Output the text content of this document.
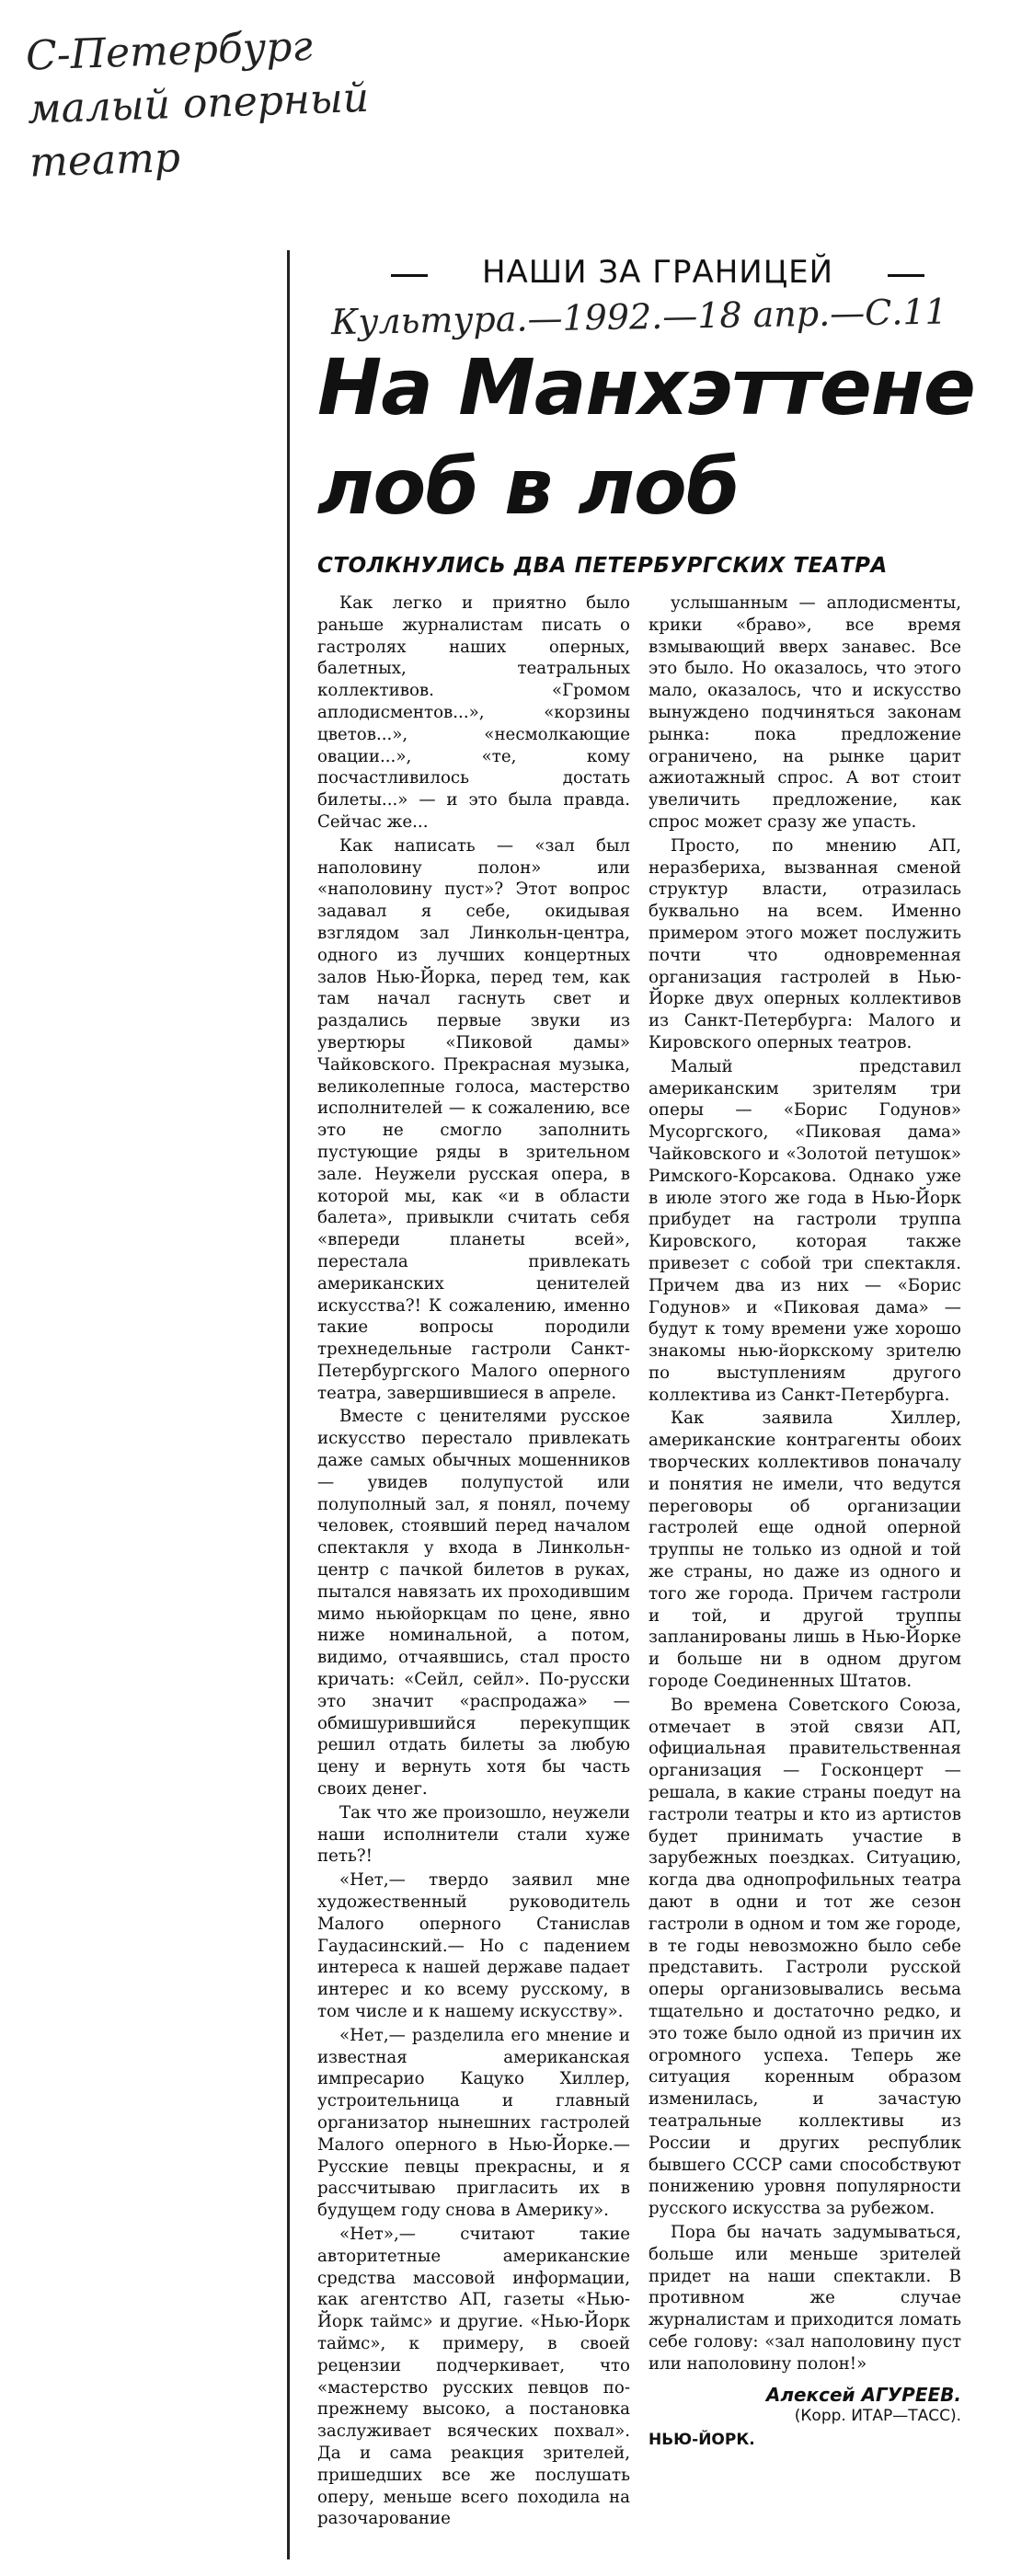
С-Петербург
малый оперный
театр
НАШИ ЗА ГРАНИЦЕЙ
Культура.—1992.—18 апр.—С.11
На Манхэттене
лоб в лоб
СТОЛКНУЛИСЬ ДВА ПЕТЕРБУРГСКИХ ТЕАТРА

Как легко и приятно было раньше журналистам писать о гастролях наших оперных, балетных, театральных коллективов. «Громом аплодисментов...», «корзины цветов...», «несмолкающие овации...», «те, кому посчастливилось достать билеты...» — и это была правда. Сейчас же...

Как написать — «зал был наполовину полон» или «наполовину пуст»? Этот вопрос задавал я себе, окидывая взглядом зал Линкольн-центра, одного из лучших концертных залов Нью-Йорка, перед тем, как там начал гаснуть свет и раздались первые звуки из увертюры «Пиковой дамы» Чайковского. Прекрасная музыка, великолепные голоса, мастерство исполнителей — к сожалению, все это не смогло заполнить пустующие ряды в зрительном зале. Неужели русская опера, в которой мы, как «и в области балета», привыкли считать себя «впереди планеты всей», перестала привлекать американских ценителей искусства?! К сожалению, именно такие вопросы породили трехнедельные гастроли Санкт-Петербургского Малого оперного театра, завершившиеся в апреле.

Вместе с ценителями русское искусство перестало привлекать даже самых обычных мошенников — увидев полупустой или полуполный зал, я понял, почему человек, стоявший перед началом спектакля у входа в Линкольн-центр с пачкой билетов в руках, пытался навязать их проходившим мимо ньюйоркцам по цене, явно ниже номинальной, а потом, видимо, отчаявшись, стал просто кричать: «Сейл, сейл». По-русски это значит «распродажа» — обмишурившийся перекупщик решил отдать билеты за любую цену и вернуть хотя бы часть своих денег.

Так что же произошло, неужели наши исполнители стали хуже петь?!

«Нет,— твердо заявил мне художественный руководитель Малого оперного Станислав Гаудасинский.— Но с падением интереса к нашей державе падает интерес и ко всему русскому, в том числе и к нашему искусству».

«Нет,— разделила его мнение и известная американская импресарио Кацуко Хиллер, устроительница и главный организатор нынешних гастролей Малого оперного в Нью-Йорке.— Русские певцы прекрасны, и я рассчитываю пригласить их в будущем году снова в Америку».

«Нет»,— считают такие авторитетные американские средства массовой информации, как агентство АП, газеты «Нью-Йорк таймс» и другие. «Нью-Йорк таймс», к примеру, в своей рецензии подчеркивает, что «мастерство русских певцов по-прежнему высоко, а постановка заслуживает всяческих похвал». Да и сама реакция зрителей, пришедших все же послушать оперу, меньше всего походила на разочарование

услышанным — аплодисменты, крики «браво», все время взмывающий вверх занавес. Все это было. Но оказалось, что этого мало, оказалось, что и искусство вынуждено подчиняться законам рынка: пока предложение ограничено, на рынке царит ажиотажный спрос. А вот стоит увеличить предложение, как спрос может сразу же упасть.

Просто, по мнению АП, неразбериха, вызванная сменой структур власти, отразилась буквально на всем. Именно примером этого может послужить почти что одновременная организация гастролей в Нью-Йорке двух оперных коллективов из Санкт-Петербурга: Малого и Кировского оперных театров.

Малый представил американским зрителям три оперы — «Борис Годунов» Мусоргского, «Пиковая дама» Чайковского и «Золотой петушок» Римского-Корсакова. Однако уже в июле этого же года в Нью-Йорк прибудет на гастроли труппа Кировского, которая также привезет с собой три спектакля. Причем два из них — «Борис Годунов» и «Пиковая дама» — будут к тому времени уже хорошо знакомы нью-йоркскому зрителю по выступлениям другого коллектива из Санкт-Петербурга.

Как заявила Хиллер, американские контрагенты обоих творческих коллективов поначалу и понятия не имели, что ведутся переговоры об организации гастролей еще одной оперной труппы не только из одной и той же страны, но даже из одного и того же города. Причем гастроли и той, и другой труппы запланированы лишь в Нью-Йорке и больше ни в одном другом городе Соединенных Штатов.

Во времена Советского Союза, отмечает в этой связи АП, официальная правительственная организация — Госконцерт — решала, в какие страны поедут на гастроли театры и кто из артистов будет принимать участие в зарубежных поездках. Ситуацию, когда два однопрофильных театра дают в одни и тот же сезон гастроли в одном и том же городе, в те годы невозможно было себе представить. Гастроли русской оперы организовывались весьма тщательно и достаточно редко, и это тоже было одной из причин их огромного успеха. Теперь же ситуация коренным образом изменилась, и зачастую театральные коллективы из России и других республик бывшего СССР сами способствуют понижению уровня популярности русского искусства за рубежом.

Пора бы начать задумываться, больше или меньше зрителей придет на наши спектакли. В противном же случае журналистам и приходится ломать себе голову: «зал наполовину пуст или наполовину полон!»

Алексей АГУРЕЕВ.
(Корр. ИТАР—ТАСС).
НЬЮ-ЙОРК.
